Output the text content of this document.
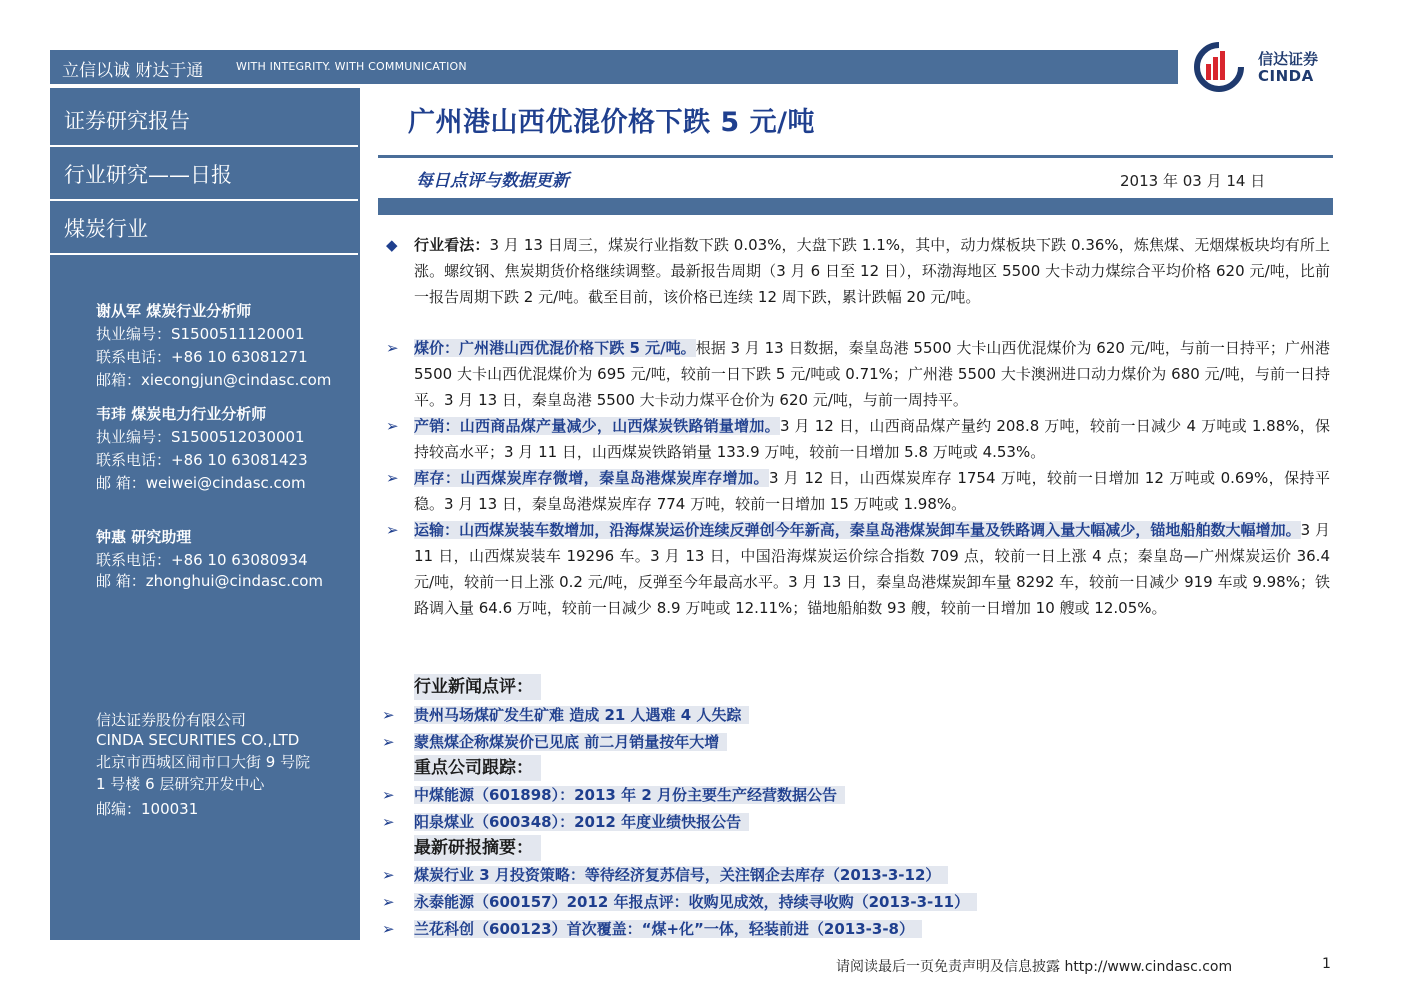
立信以诚 财达于通	WITH INTEGRITY. WITH COMMUNICATION	信达证券
CINDA
证券研究报告
行业研究——日报
煤炭行业
谢从军 煤炭行业分析师
执业编号：S1500511120001
联系电话：+86 10 63081271
邮箱：xiecongjun@cindasc.com
韦玮 煤炭电力行业分析师
执业编号：S1500512030001
联系电话：+86 10 63081423
邮 箱：weiwei@cindasc.com
钟惠 研究助理
联系电话：+86 10 63080934
邮 箱：zhonghui@cindasc.com
信达证券股份有限公司
CINDA SECURITIES CO.,LTD
北京市西城区闹市口大街 9 号院
1 号楼 6 层研究开发中心
邮编：100031
广州港山西优混价格下跌 5 元/吨
每日点评与数据更新	2013 年 03 月 14 日
◆	行业看法：3 月 13 日周三，煤炭行业指数下跌 0.03%，大盘下跌 1.1%，其中，动力煤板块下跌 0.36%，炼焦煤、无烟煤板块均有所上涨。螺纹钢、焦炭期货价格继续调整。最新报告周期（3 月 6 日至 12 日），环渤海地区 5500 大卡动力煤综合平均价格 620 元/吨，比前一报告周期下跌 2 元/吨。截至目前，该价格已连续 12 周下跌，累计跌幅 20 元/吨。
➢	煤价：广州港山西优混价格下跌 5 元/吨。根据 3 月 13 日数据，秦皇岛港 5500 大卡山西优混煤价为 620 元/吨，与前一日持平；广州港 5500 大卡山西优混煤价为 695 元/吨，较前一日下跌 5 元/吨或 0.71%；广州港 5500 大卡澳洲进口动力煤价为 680 元/吨，与前一日持平。3 月 13 日，秦皇岛港 5500 大卡动力煤平仓价为 620 元/吨，与前一周持平。
➢	产销：山西商品煤产量减少，山西煤炭铁路销量增加。3 月 12 日，山西商品煤产量约 208.8 万吨，较前一日减少 4 万吨或 1.88%，保持较高水平；3 月 11 日，山西煤炭铁路销量 133.9 万吨，较前一日增加 5.8 万吨或 4.53%。
➢	库存：山西煤炭库存微增，秦皇岛港煤炭库存增加。3 月 12 日，山西煤炭库存 1754 万吨，较前一日增加 12 万吨或 0.69%，保持平稳。3 月 13 日，秦皇岛港煤炭库存 774 万吨，较前一日增加 15 万吨或 1.98%。
➢	运输：山西煤炭装车数增加，沿海煤炭运价连续反弹创今年新高，秦皇岛港煤炭卸车量及铁路调入量大幅减少，锚地船舶数大幅增加。3 月 11 日，山西煤炭装车 19296 车。3 月 13 日，中国沿海煤炭运价综合指数 709 点，较前一日上涨 4 点；秦皇岛—广州煤炭运价 36.4 元/吨，较前一日上涨 0.2 元/吨，反弹至今年最高水平。3 月 13 日，秦皇岛港煤炭卸车量 8292 车，较前一日减少 919 车或 9.98%；铁路调入量 64.6 万吨，较前一日减少 8.9 万吨或 12.11%；锚地船舶数 93 艘，较前一日增加 10 艘或 12.05%。
行业新闻点评：
➢ 贵州马场煤矿发生矿难 造成 21 人遇难 4 人失踪
➢ 蒙焦煤企称煤炭价已见底 前二月销量按年大增
重点公司跟踪：
➢ 中煤能源（601898）：2013 年 2 月份主要生产经营数据公告
➢ 阳泉煤业（600348）：2012 年度业绩快报公告
最新研报摘要：
➢ 煤炭行业 3 月投资策略：等待经济复苏信号，关注钢企去库存（2013-3-12）
➢ 永泰能源（600157）2012 年报点评：收购见成效，持续寻收购（2013-3-11）
➢ 兰花科创（600123）首次覆盖：“煤+化”一体，轻装前进（2013-3-8）
请阅读最后一页免责声明及信息披露 http://www.cindasc.com	1
